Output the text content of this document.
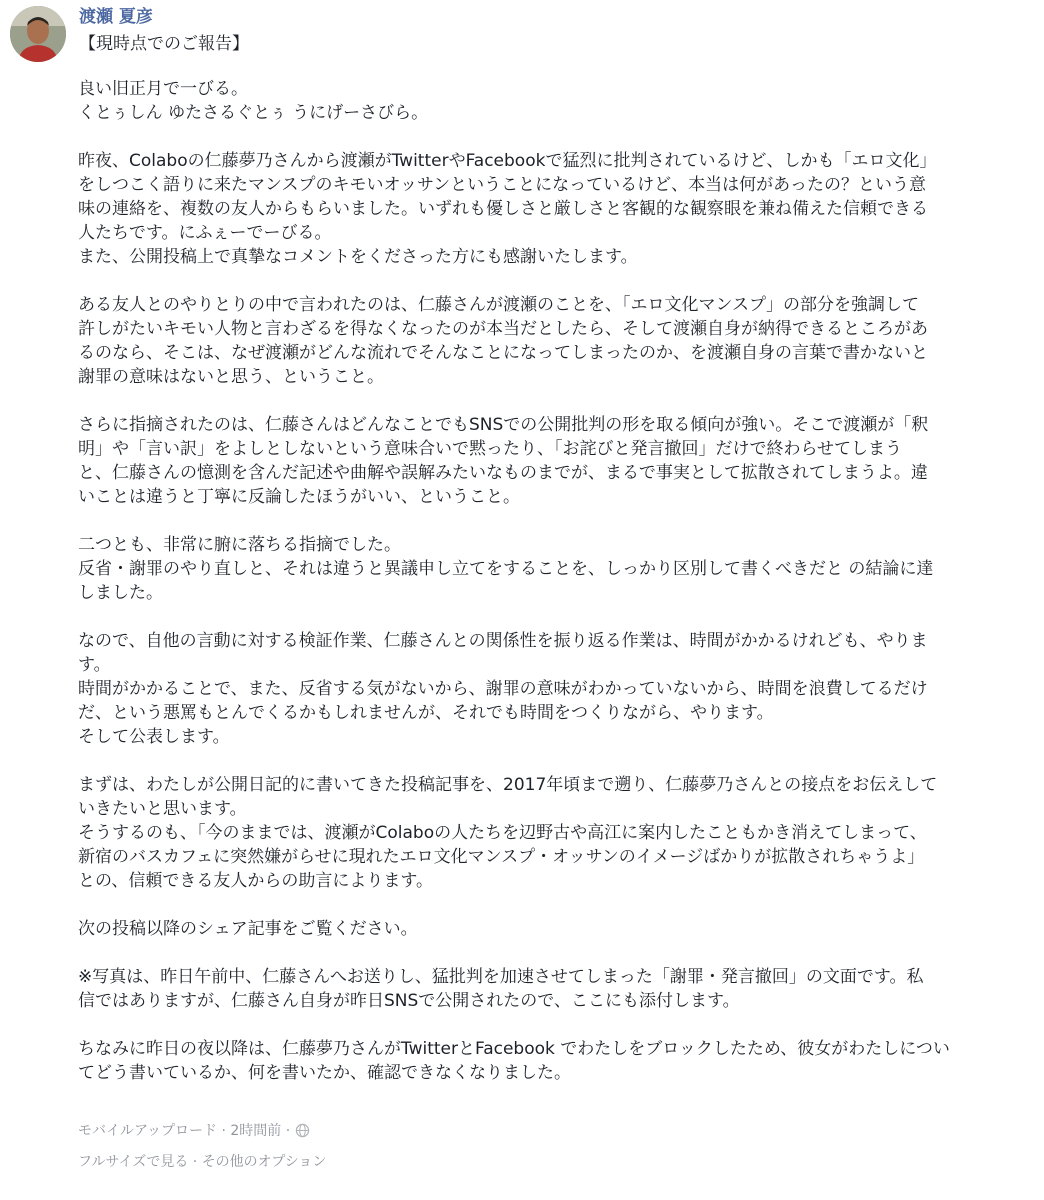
渡瀬 夏彦
【現時点でのご報告】

良い旧正月で一びる。
くとぅしん ゆたさるぐとぅ うにげーさびら。

昨夜、Colaboの仁藤夢乃さんから渡瀬がTwitterやFacebookで猛烈に批判されているけど、しかも「エロ文化」
をしつこく語りに来たマンスプのキモいオッサンということになっているけど、本当は何があったの？という意
味の連絡を、複数の友人からもらいました。いずれも優しさと厳しさと客観的な観察眼を兼ね備えた信頼できる
人たちです。にふぇーでーびる。
また、公開投稿上で真摯なコメントをくださった方にも感謝いたします。

ある友人とのやりとりの中で言われたのは、仁藤さんが渡瀬のことを、「エロ文化マンスプ」の部分を強調して
許しがたいキモい人物と言わざるを得なくなったのが本当だとしたら、そして渡瀬自身が納得できるところがあ
るのなら、そこは、なぜ渡瀬がどんな流れでそんなことになってしまったのか、を渡瀬自身の言葉で書かないと
謝罪の意味はないと思う、ということ。

さらに指摘されたのは、仁藤さんはどんなことでもSNSでの公開批判の形を取る傾向が強い。そこで渡瀬が「釈
明」や「言い訳」をよしとしないという意味合いで黙ったり、「お詫びと発言撤回」だけで終わらせてしまう
と、仁藤さんの憶測を含んだ記述や曲解や誤解みたいなものまでが、まるで事実として拡散されてしまうよ。違
いことは違うと丁寧に反論したほうがいい、ということ。

二つとも、非常に腑に落ちる指摘でした。
反省・謝罪のやり直しと、それは違うと異議申し立てをすることを、しっかり区別して書くべきだと の結論に達
しました。

なので、自他の言動に対する検証作業、仁藤さんとの関係性を振り返る作業は、時間がかかるけれども、やりま
す。
時間がかかることで、また、反省する気がないから、謝罪の意味がわかっていないから、時間を浪費してるだけ
だ、という悪罵もとんでくるかもしれませんが、それでも時間をつくりながら、やります。
そして公表します。

まずは、わたしが公開日記的に書いてきた投稿記事を、2017年頃まで遡り、仁藤夢乃さんとの接点をお伝えして
いきたいと思います。
そうするのも、「今のままでは、渡瀬がColaboの人たちを辺野古や高江に案内したこともかき消えてしまって、
新宿のバスカフェに突然嫌がらせに現れたエロ文化マンスプ・オッサンのイメージばかりが拡散されちゃうよ」
との、信頼できる友人からの助言によります。

次の投稿以降のシェア記事をご覧ください。

※写真は、昨日午前中、仁藤さんへお送りし、猛批判を加速させてしまった「謝罪・発言撤回」の文面です。私
信ではありますが、仁藤さん自身が昨日SNSで公開されたので、ここにも添付します。

ちなみに昨日の夜以降は、仁藤夢乃さんがTwitterとFacebook でわたしをブロックしたため、彼女がわたしについ
てどう書いているか、何を書いたか、確認できなくなりました。

モバイルアップロード · 2時間前 ·
フルサイズで見る · その他のオプション
